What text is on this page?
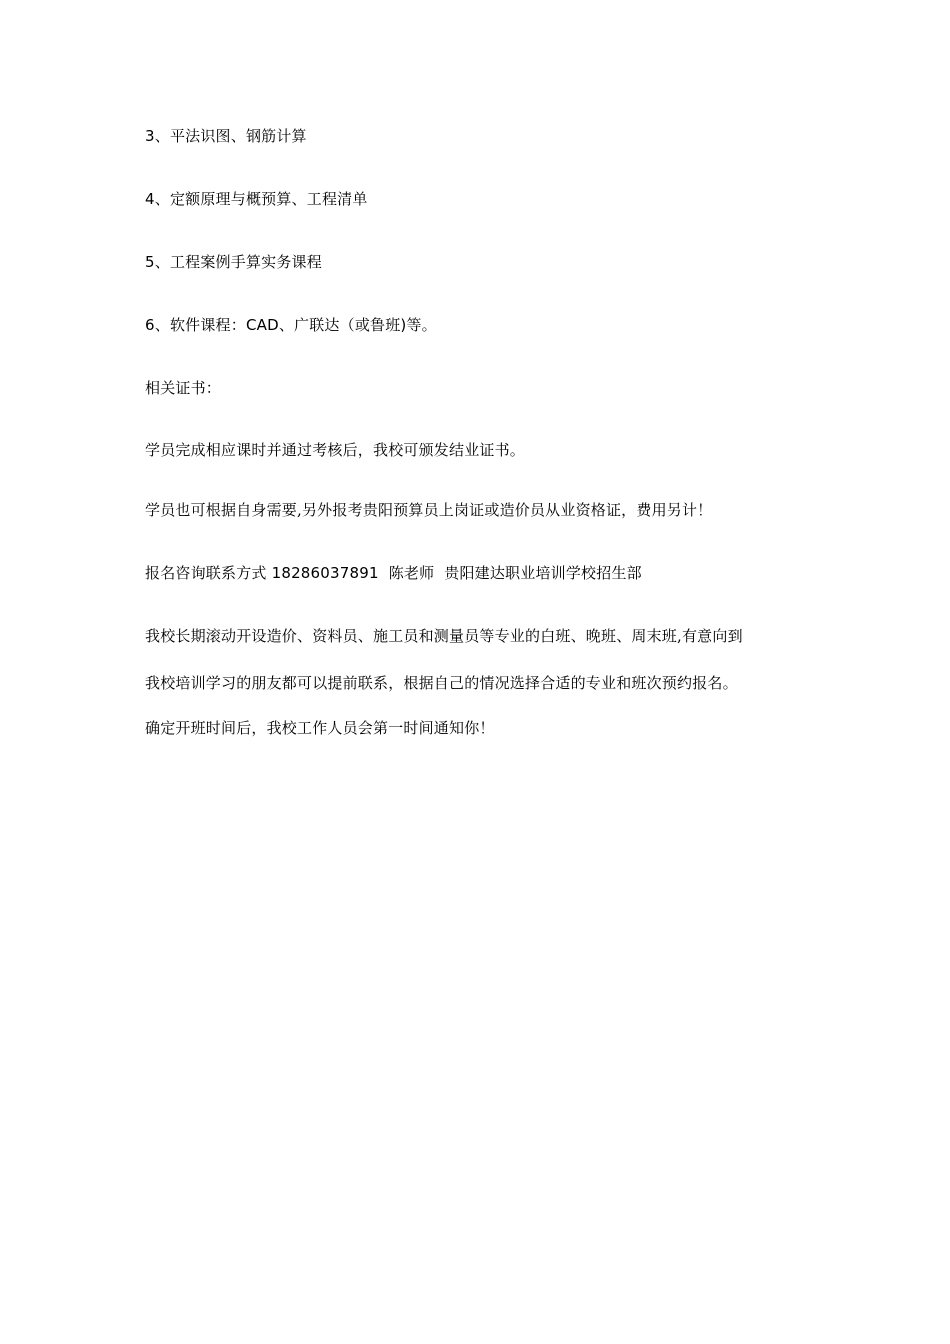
3、平法识图、钢筋计算
4、定额原理与概预算、工程清单
5、工程案例手算实务课程
6、软件课程：CAD、广联达（或鲁班)等。
相关证书：
学员完成相应课时并通过考核后，我校可颁发结业证书。
学员也可根据自身需要,另外报考贵阳预算员上岗证或造价员从业资格证，费用另计！
报名咨询联系方式 18286037891 陈老师 贵阳建达职业培训学校招生部
我校长期滚动开设造价、资料员、施工员和测量员等专业的白班、晚班、周末班,有意向到
我校培训学习的朋友都可以提前联系，根据自己的情况选择合适的专业和班次预约报名。
确定开班时间后，我校工作人员会第一时间通知你！
